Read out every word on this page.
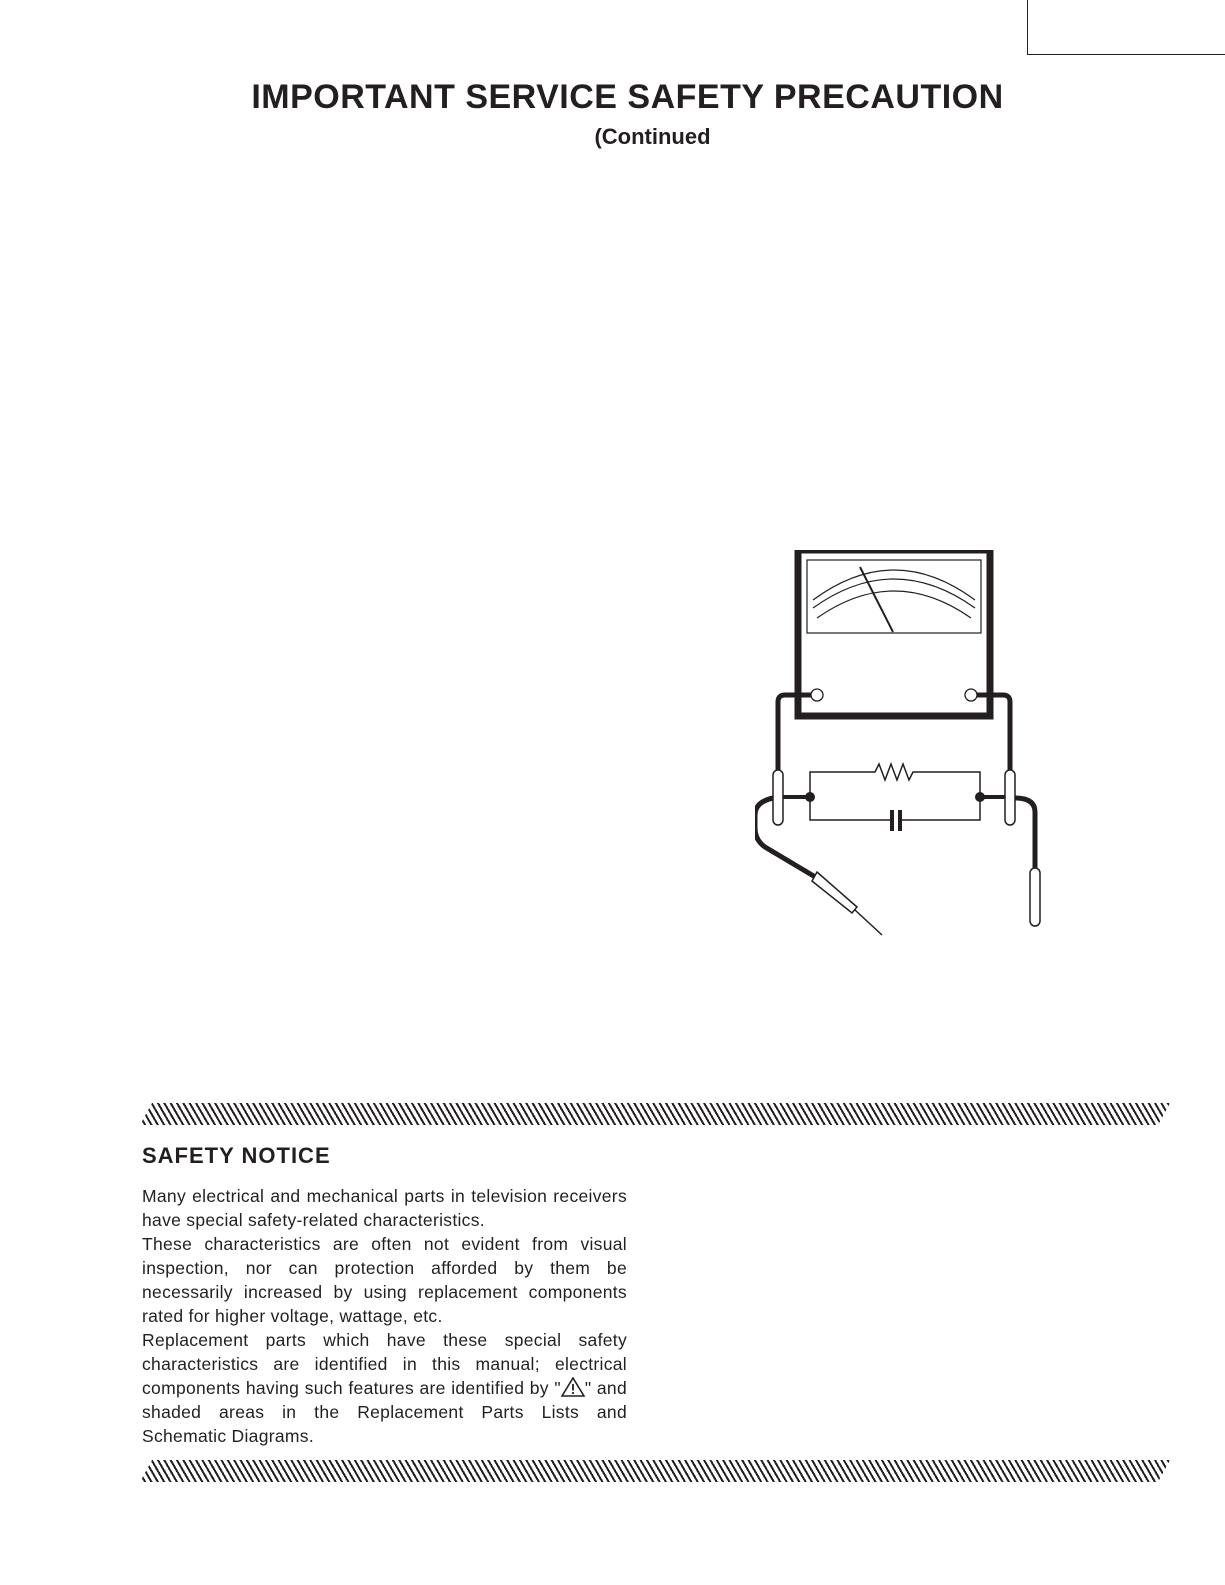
IMPORTANT SERVICE SAFETY PRECAUTION
(Continued
SAFETY NOTICE
Many electrical and mechanical parts in television receivers have special safety-related characteristics.
These characteristics are often not evident from visual inspection, nor can protection afforded by them be necessarily increased by using replacement components rated for higher voltage, wattage, etc.
Replacement parts which have these special safety characteristics are identified in this manual; electrical components having such features are identified by " " and shaded areas in the Replacement Parts Lists and Schematic Diagrams.
